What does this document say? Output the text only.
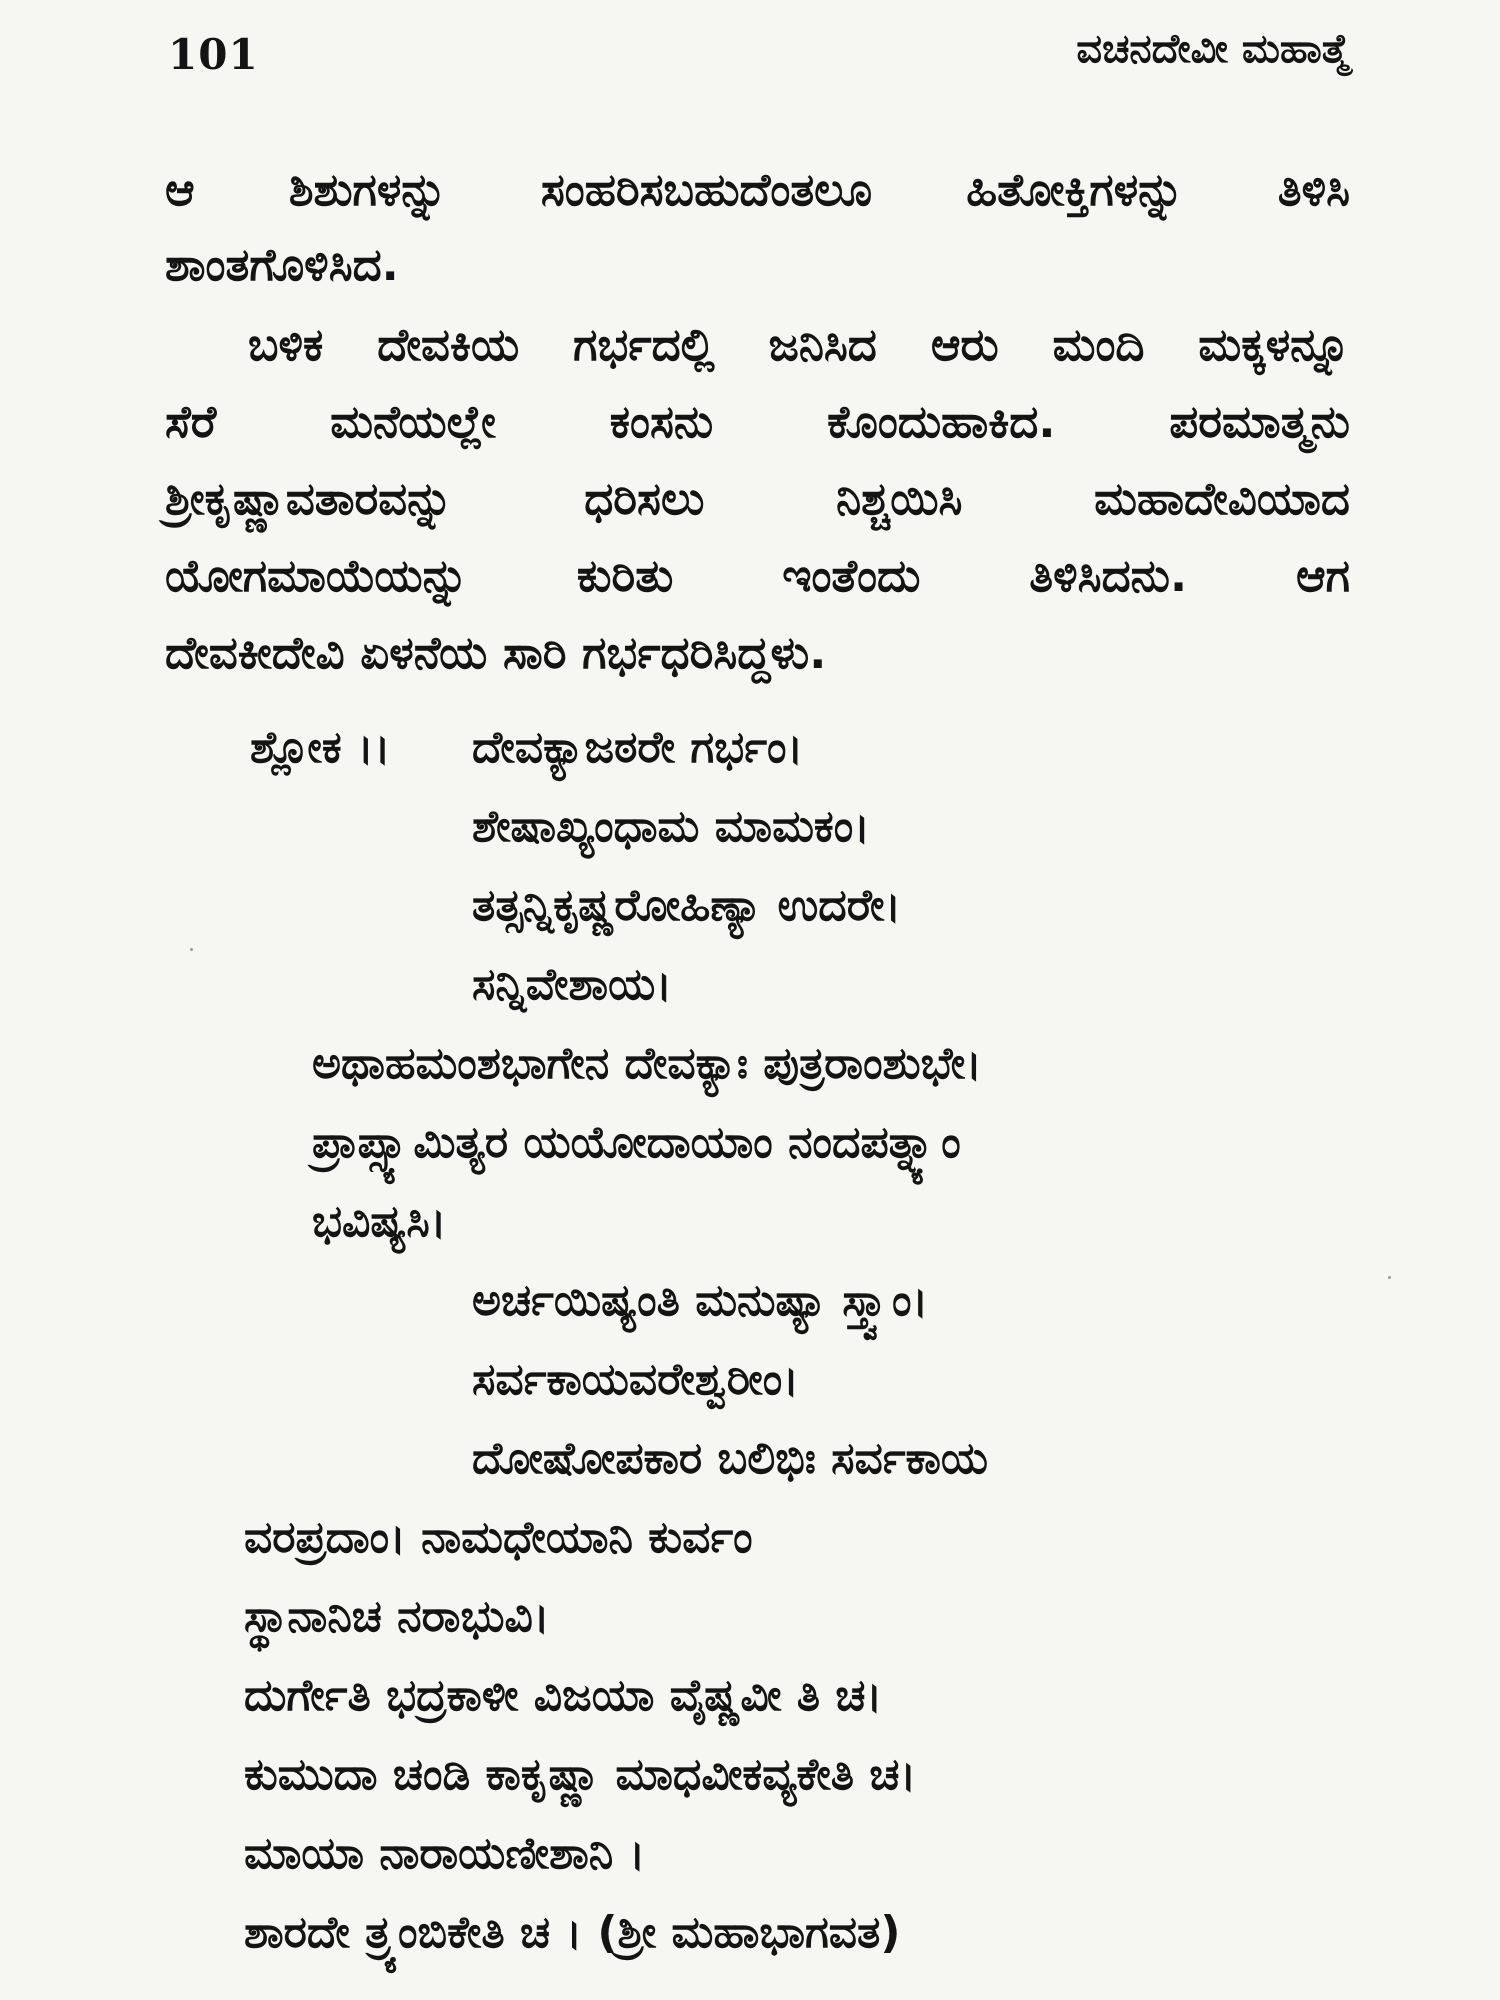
101	ವಚನದೇವೀ ಮಹಾತ್ಮೆ
ಆ ಶಿಶುಗಳನ್ನು ಸಂಹರಿಸಬಹುದೆಂತಲೂ ಹಿತೋಕ್ತಿಗಳನ್ನು ತಿಳಿಸಿ
ಶಾಂತಗೊಳಿಸಿದ.
ಬಳಿಕ ದೇವಕಿಯ ಗರ್ಭದಲ್ಲಿ ಜನಿಸಿದ ಆರು ಮಂದಿ ಮಕ್ಕಳನ್ನೂ
ಸೆರೆ ಮನೆಯಲ್ಲೇ ಕಂಸನು ಕೊಂದುಹಾಕಿದ. ಪರಮಾತ್ಮನು
ಶ್ರೀಕೃಷ್ಣಾವತಾರವನ್ನು ಧರಿಸಲು ನಿಶ್ಚಯಿಸಿ ಮಹಾದೇವಿಯಾದ
ಯೋಗಮಾಯೆಯನ್ನು ಕುರಿತು ಇಂತೆಂದು ತಿಳಿಸಿದನು. ಆಗ
ದೇವಕೀದೇವಿ ಏಳನೆಯ ಸಾರಿ ಗರ್ಭಧರಿಸಿದ್ದಳು.
ಶ್ಲೋಕ ।। ದೇವಕ್ಯಾಜಠರೇ ಗರ್ಭಂ।
ಶೇಷಾಖ್ಯಂಧಾಮ ಮಾಮಕಂ।
ತತ್ಸನ್ನಿಕೃಷ್ಣರೋಹಿಣ್ಯಾ ಉದರೇ।
ಸನ್ನಿವೇಶಾಯ।
ಅಥಾಹಮಂಶಭಾಗೇನ ದೇವಕ್ಯಾಃ ಪುತ್ರರಾಂಶುಭೇ।
ಪ್ರಾಪ್ಸ್ಯಾಮಿತ್ಯರ ಯಯೋದಾಯಾಂ ನಂದಪತ್ನ್ಯಾಂ
ಭವಿಷ್ಯಸಿ।
ಅರ್ಚಯಿಷ್ಯಂತಿ ಮನುಷ್ಯಾ ಸ್ತ್ವಾಂ।
ಸರ್ವಕಾಯವರೇಶ್ವರೀಂ।
ದೋಷೋಪಕಾರ ಬಲಿಭಿಃ ಸರ್ವಕಾಯ
ವರಪ್ರದಾಂ। ನಾಮಧೇಯಾನಿ ಕುರ್ವಂ
ಸ್ಥಾನಾನಿಚ ನರಾಭುವಿ।
ದುರ್ಗೇತಿ ಭದ್ರಕಾಳೀ ವಿಜಯಾ ವೈಷ್ಣವೀ ತಿ ಚ।
ಕುಮುದಾ ಚಂಡಿ ಕಾಕೃಷ್ಣಾ ಮಾಧವೀಕವ್ಯಕೇತಿ ಚ।
ಮಾಯಾ ನಾರಾಯಣೀಶಾನಿ ।
ಶಾರದೇ ತ್ರ್ಯಂಬಿಕೇತಿ ಚ । (ಶ್ರೀ ಮಹಾಭಾಗವತ)
